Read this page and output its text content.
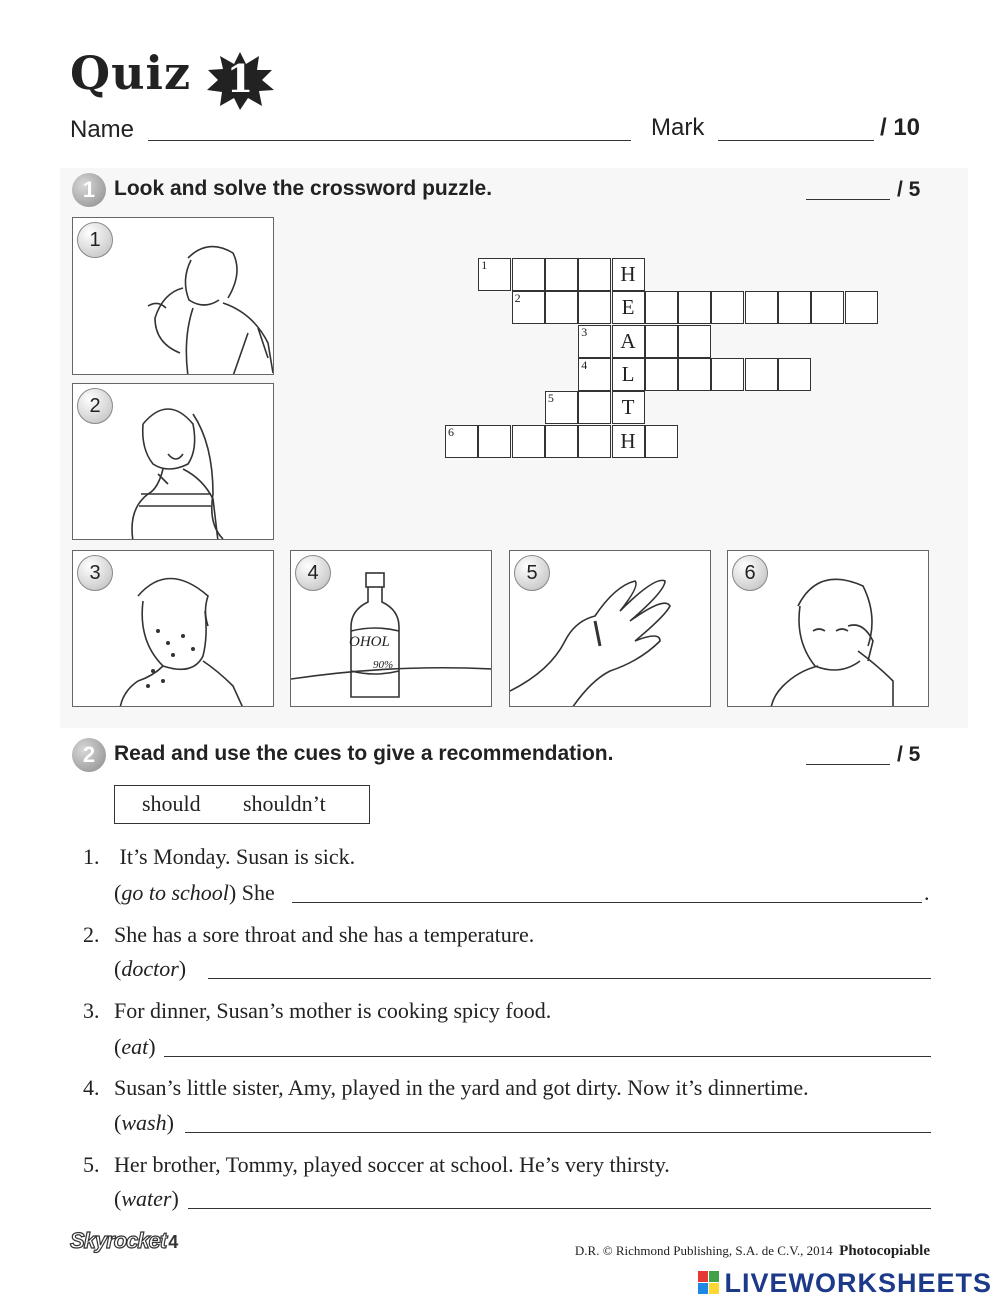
Quiz 1
Name	Mark	/ 10
1 Look and solve the crossword puzzle.	/ 5
1
2
3	4
OHOL
90%
5	6
1	H
2	E
3	A
4	L
5	T
6	H
2 Read and use the cues to give a recommendation.	/ 5
should shouldn’t
1. It’s Monday. Susan is sick.
(go to school) She	.
2. She has a sore throat and she has a temperature.
(doctor)
3. For dinner, Susan’s mother is cooking spicy food.
(eat)
4. Susan’s little sister, Amy, played in the yard and got dirty. Now it’s dinnertime.
(wash)
5. Her brother, Tommy, played soccer at school. He’s very thirsty.
(water)
Skyrocket 4	D.R. © Richmond Publishing, S.A. de C.V., 2014 Photocopiable
LIVEWORKSHEETS
